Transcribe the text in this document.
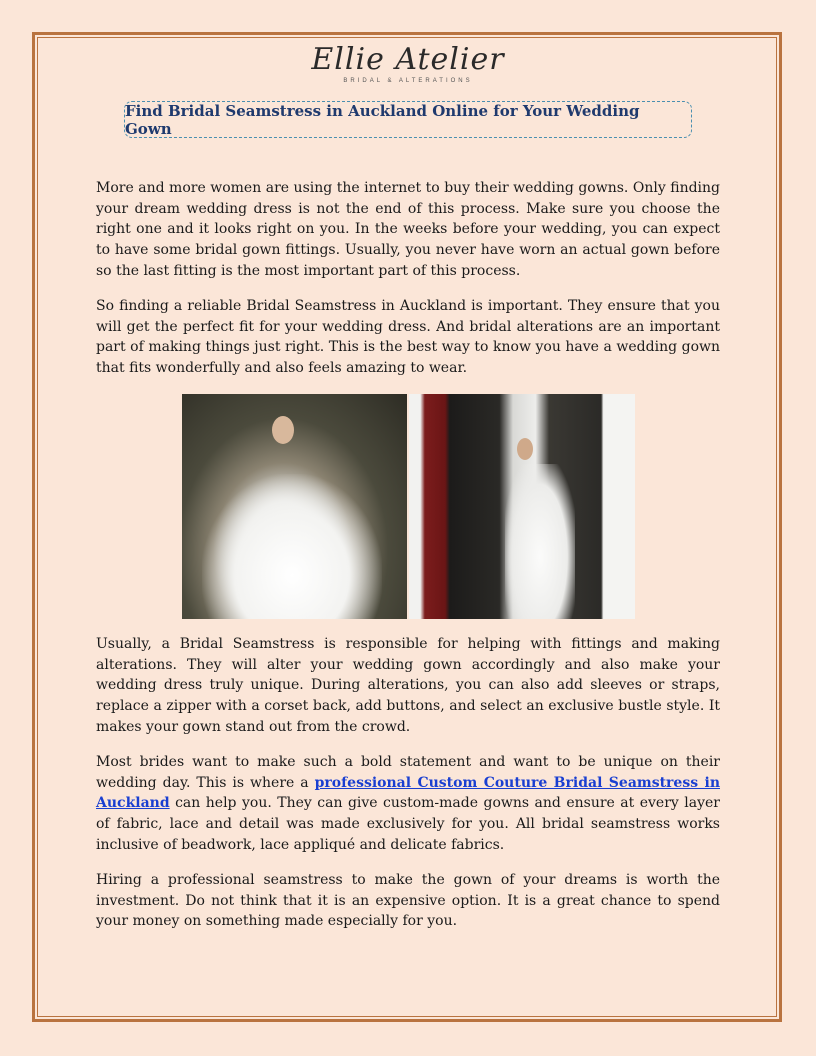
Ellie Atelier
BRIDAL & ALTERATIONS
Find Bridal Seamstress in Auckland Online for Your Wedding Gown

More and more women are using the internet to buy their wedding gowns. Only finding your dream wedding dress is not the end of this process. Make sure you choose the right one and it looks right on you. In the weeks before your wedding, you can expect to have some bridal gown fittings. Usually, you never have worn an actual gown before so the last fitting is the most important part of this process.

So finding a reliable Bridal Seamstress in Auckland is important. They ensure that you will get the perfect fit for your wedding dress. And bridal alterations are an important part of making things just right. This is the best way to know you have a wedding gown that fits wonderfully and also feels amazing to wear.

Usually, a Bridal Seamstress is responsible for helping with fittings and making alterations. They will alter your wedding gown accordingly and also make your wedding dress truly unique. During alterations, you can also add sleeves or straps, replace a zipper with a corset back, add buttons, and select an exclusive bustle style. It makes your gown stand out from the crowd.

Most brides want to make such a bold statement and want to be unique on their wedding day. This is where a professional Custom Couture Bridal Seamstress in Auckland can help you. They can give custom-made gowns and ensure at every layer of fabric, lace and detail was made exclusively for you. All bridal seamstress works inclusive of beadwork, lace appliqué and delicate fabrics.

Hiring a professional seamstress to make the gown of your dreams is worth the investment. Do not think that it is an expensive option. It is a great chance to spend your money on something made especially for you.
